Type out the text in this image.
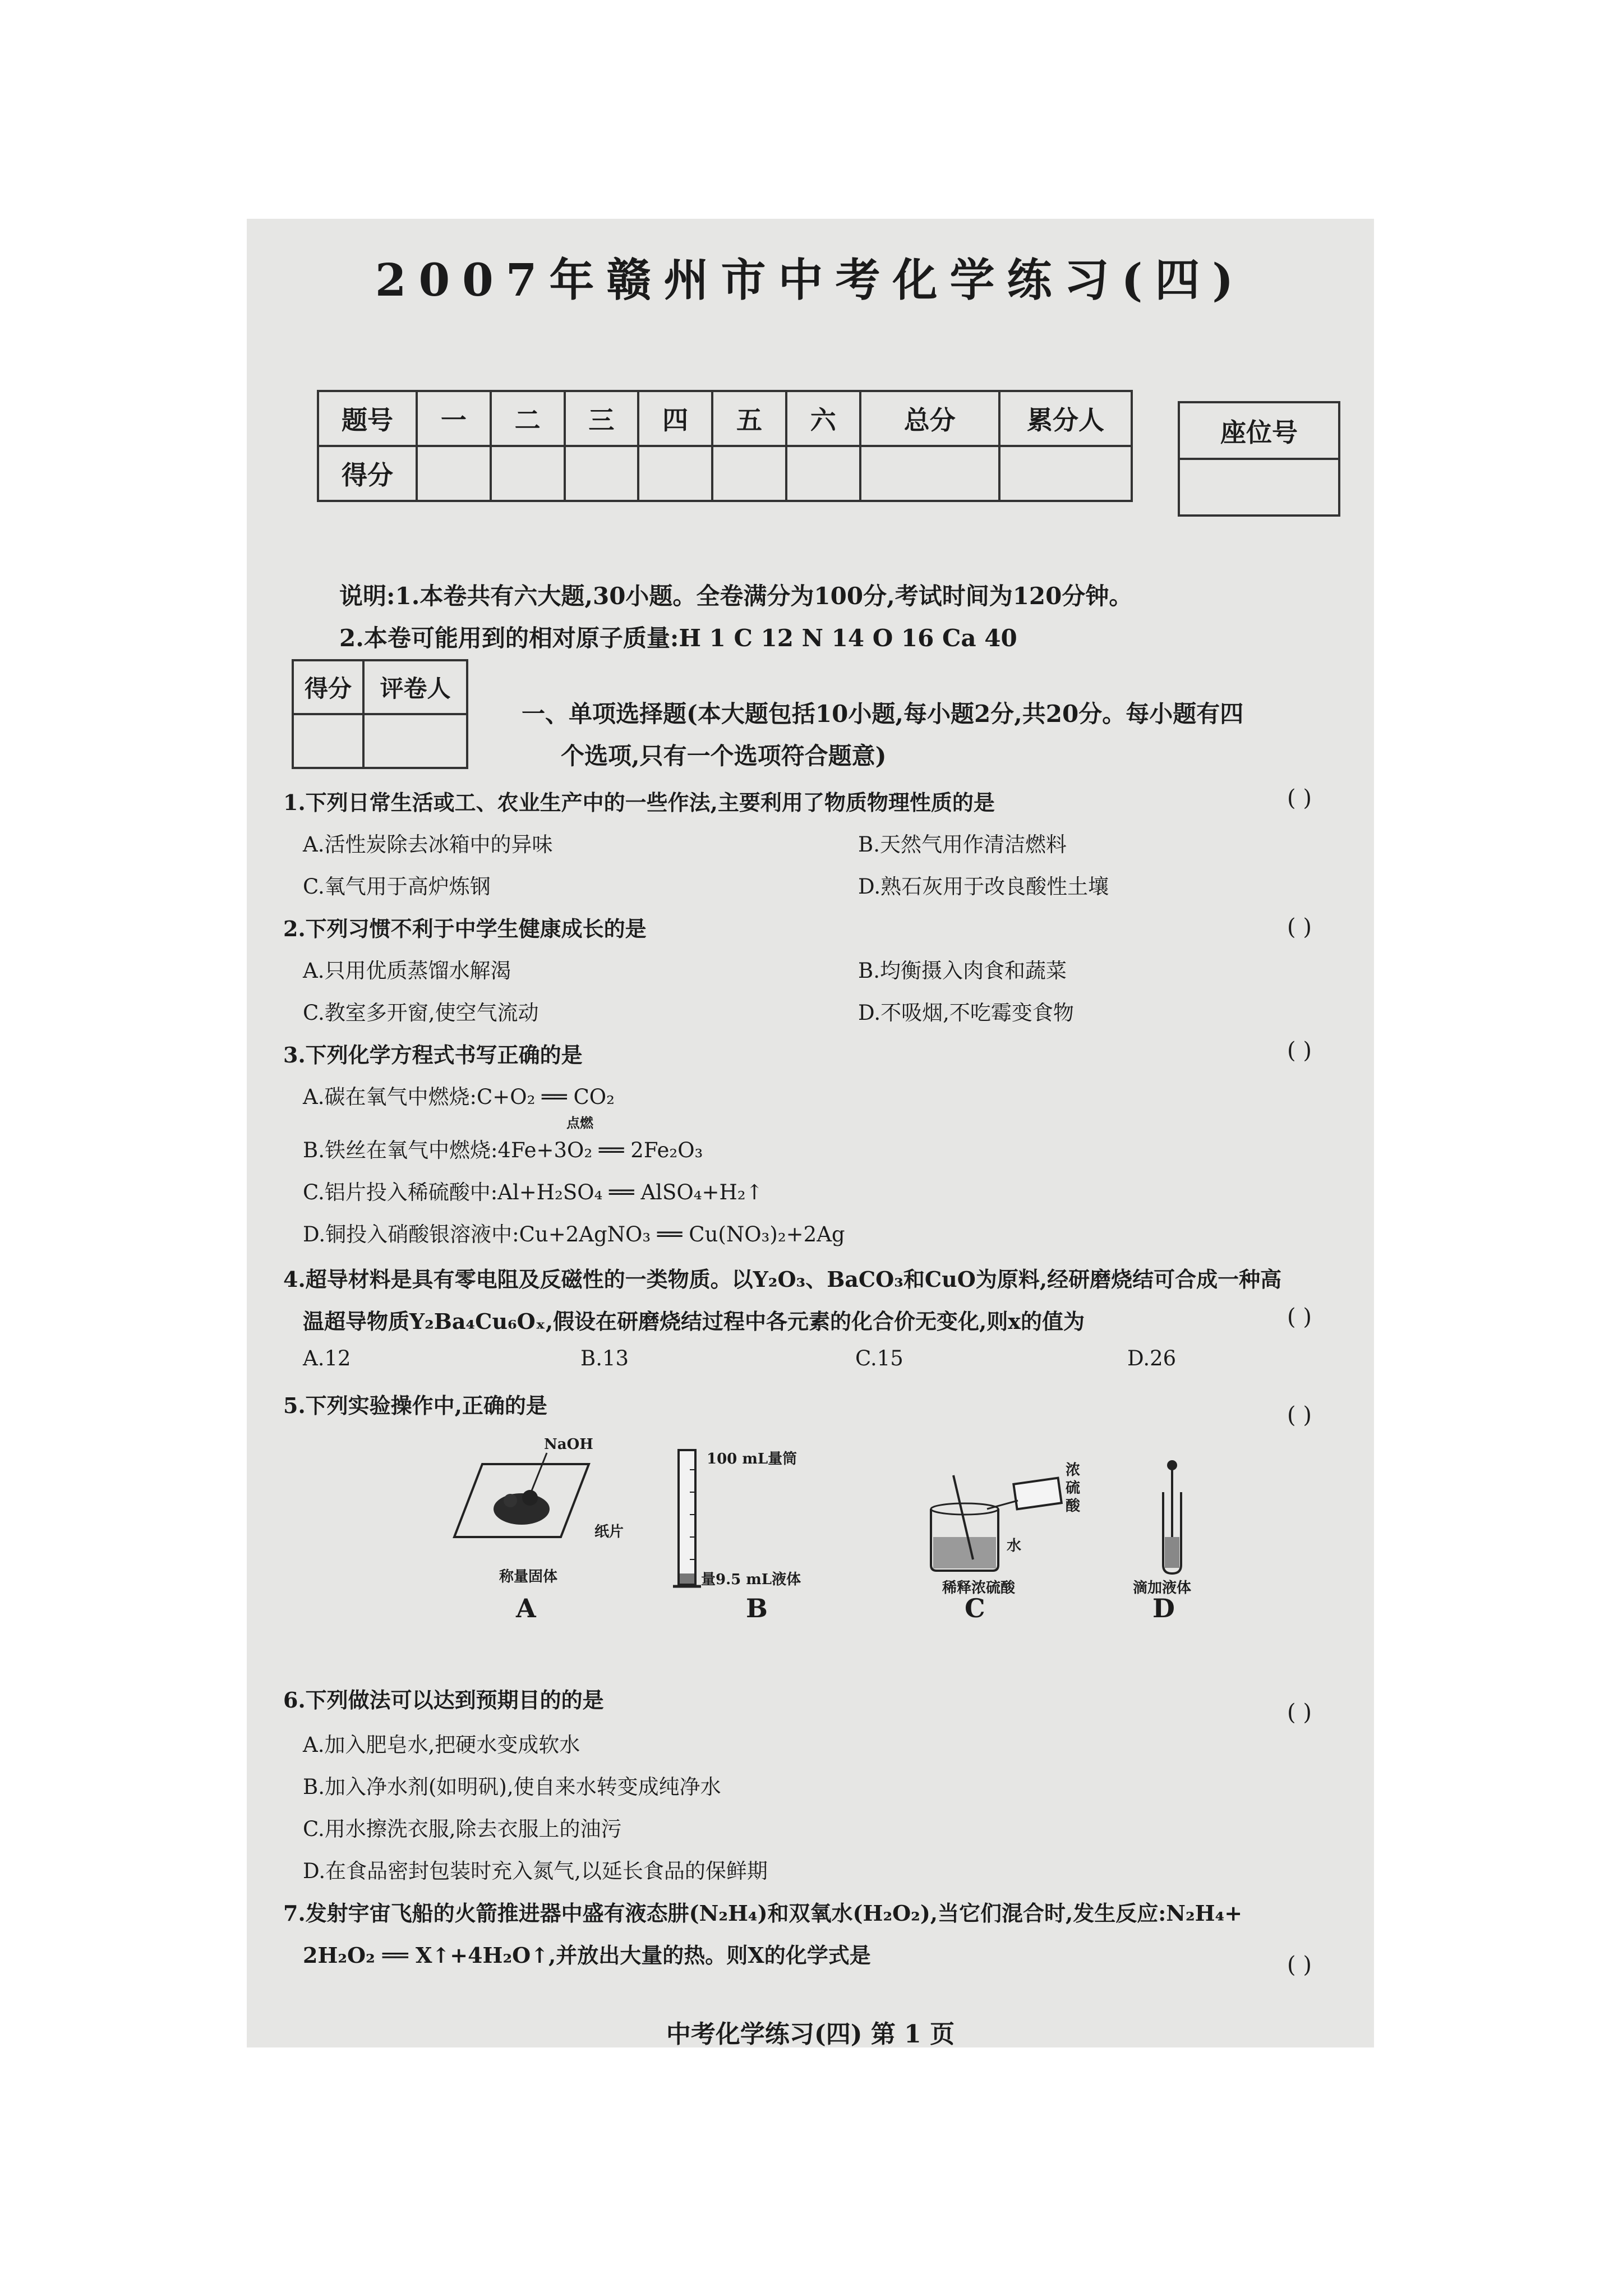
2007年赣州市中考化学练习(四)
题号	一	二	三	四	五	六	总分	累分人
得分								
座位号

说明:1.本卷共有六大题,30小题。全卷满分为100分,考试时间为120分钟。
2.本卷可能用到的相对原子质量:H 1 C 12 N 14 O 16 Ca 40
得分	评卷人

一、单项选择题(本大题包括10小题,每小题2分,共20分。每小题有四
个选项,只有一个选项符合题意)
1.下列日常生活或工、农业生产中的一些作法,主要利用了物质物理性质的是	( )
A.活性炭除去冰箱中的异味	B.天然气用作清洁燃料
C.氧气用于高炉炼钢	D.熟石灰用于改良酸性土壤
2.下列习惯不利于中学生健康成长的是	( )
A.只用优质蒸馏水解渴	B.均衡摄入肉食和蔬菜
C.教室多开窗,使空气流动	D.不吸烟,不吃霉变食物
3.下列化学方程式书写正确的是	( )
A.碳在氧气中燃烧:C+O₂ ══ CO₂
B.铁丝在氧气中燃烧:4Fe+3O₂ ══ 2Fe₂O₃
点燃
C.铝片投入稀硫酸中:Al+H₂SO₄ ══ AlSO₄+H₂↑
D.铜投入硝酸银溶液中:Cu+2AgNO₃ ══ Cu(NO₃)₂+2Ag
4.超导材料是具有零电阻及反磁性的一类物质。以Y₂O₃、BaCO₃和CuO为原料,经研磨烧结可合成一种高
温超导物质Y₂Ba₄Cu₆Oₓ,假设在研磨烧结过程中各元素的化合价无变化,则x的值为	( )
A.12	B.13	C.15	D.26
5.下列实验操作中,正确的是	( )
NaOH
纸片
称量固体
A
100 mL量筒
量9.5 mL液体
B
浓硫酸
水
稀释浓硫酸
C
滴加液体
D
6.下列做法可以达到预期目的的是	( )
A.加入肥皂水,把硬水变成软水
B.加入净水剂(如明矾),使自来水转变成纯净水
C.用水擦洗衣服,除去衣服上的油污
D.在食品密封包装时充入氮气,以延长食品的保鲜期
7.发射宇宙飞船的火箭推进器中盛有液态肼(N₂H₄)和双氧水(H₂O₂),当它们混合时,发生反应:N₂H₄+
2H₂O₂ ══ X↑+4H₂O↑,并放出大量的热。则X的化学式是	( )
中考化学练习(四) 第 1 页
